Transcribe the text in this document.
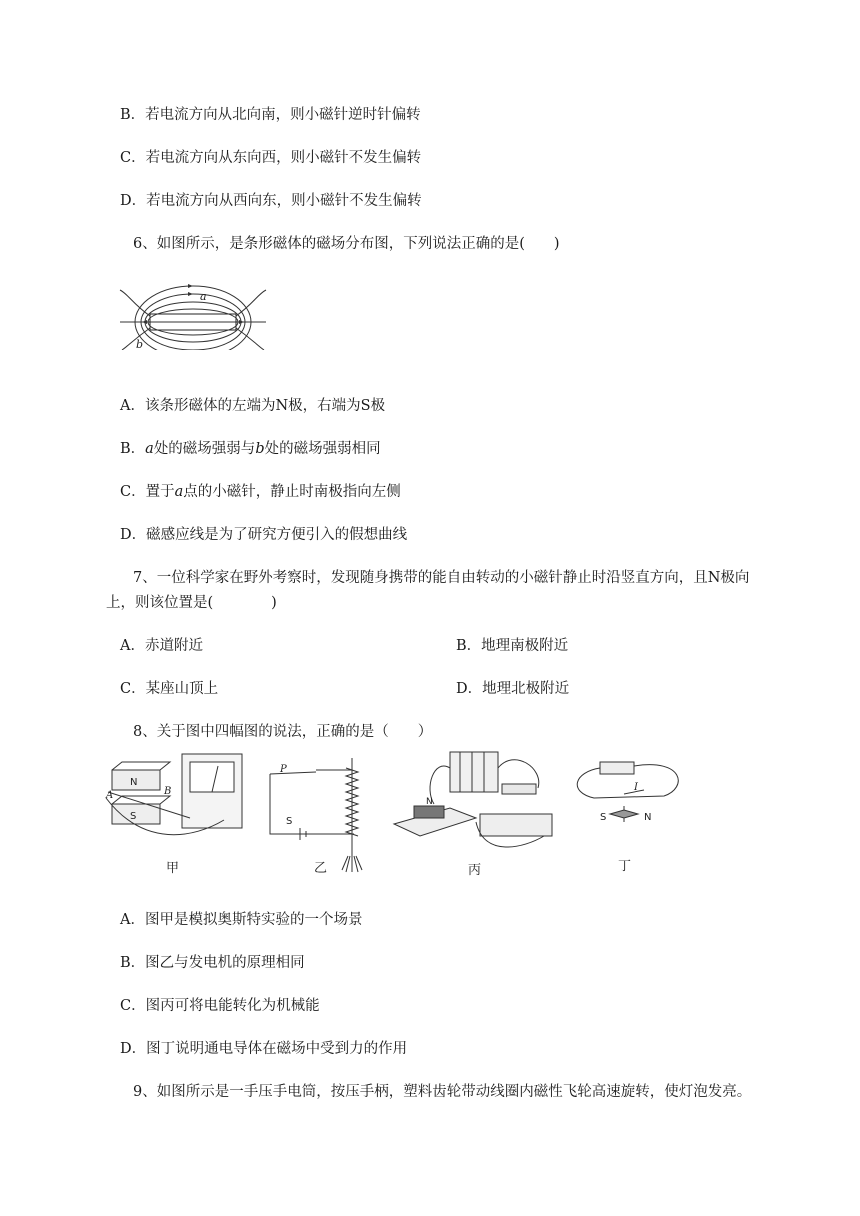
B．若电流方向从北向南，则小磁针逆时针偏转
C．若电流方向从东向西，则小磁针不发生偏转
D．若电流方向从西向东，则小磁针不发生偏转
6、如图所示，是条形磁体的磁场分布图，下列说法正确的是(　　)
a
b
A．该条形磁体的左端为N极，右端为S极
B．a处的磁场强弱与b处的磁场强弱相同
C．置于a点的小磁针，静止时南极指向左侧
D．磁感应线是为了研究方便引入的假想曲线
7、一位科学家在野外考察时，发现随身携带的能自由转动的小磁针静止时沿竖直方向，且N极向
上，则该位置是(　　　　)
A．赤道附近	B．地理南极附近
C．某座山顶上	D．地理北极附近
8、关于图中四幅图的说法，正确的是（　　）
N
S
A	B
甲
P
S
乙
N
丙
S	N
I
丁
A．图甲是模拟奥斯特实验的一个场景
B．图乙与发电机的原理相同
C．图丙可将电能转化为机械能
D．图丁说明通电导体在磁场中受到力的作用
9、如图所示是一手压手电筒，按压手柄，塑料齿轮带动线圈内磁性飞轮高速旋转，使灯泡发亮。
